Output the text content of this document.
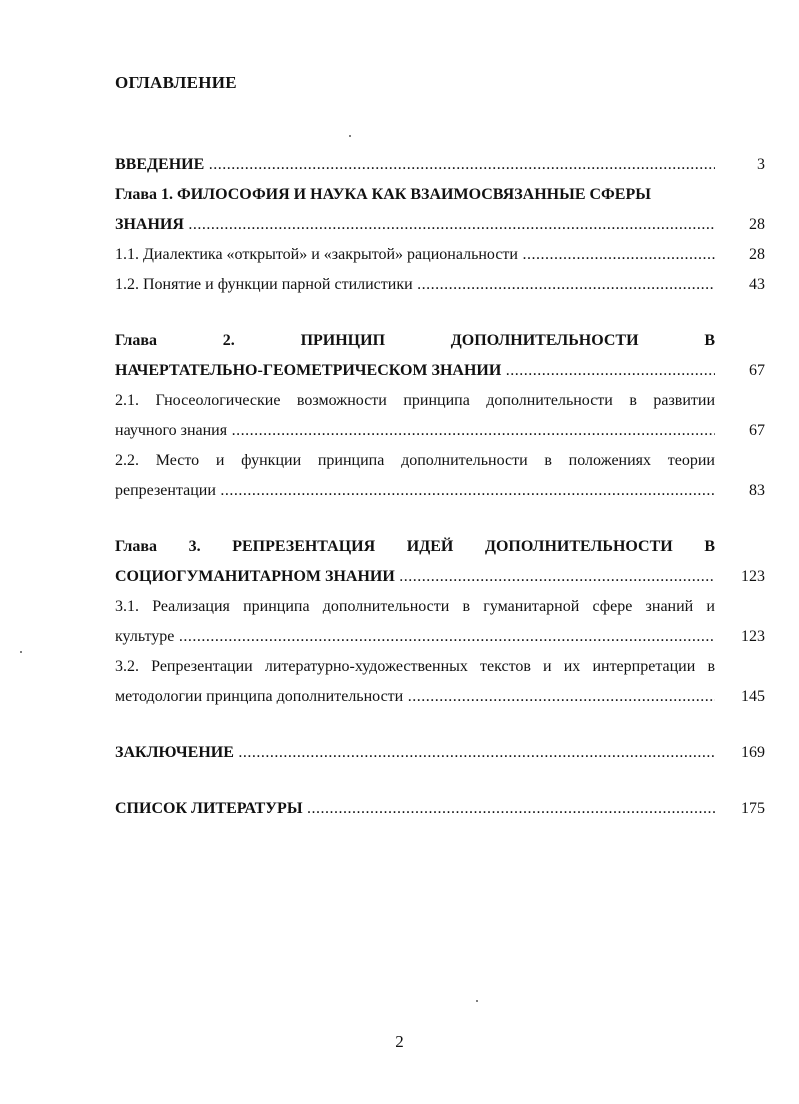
ОГЛАВЛЕНИЕ
ВВЕДЕНИЕ .....	3
Глава 1. ФИЛОСОФИЯ И НАУКА КАК ВЗАИМОСВЯЗАННЫЕ СФЕРЫ
ЗНАНИЯ .....	28
1.1. Диалектика «открытой» и «закрытой» рациональности .....	28
1.2. Понятие и функции парной стилистики .....	43
Глава 2. ПРИНЦИП ДОПОЛНИТЕЛЬНОСТИ В
НАЧЕРТАТЕЛЬНО-ГЕОМЕТРИЧЕСКОМ ЗНАНИИ .....	67
2.1. Гносеологические возможности принципа дополнительности в развитии
научного знания .....	67
2.2. Место и функции принципа дополнительности в положениях теории
репрезентации .....	83
Глава 3. РЕПРЕЗЕНТАЦИЯ ИДЕЙ ДОПОЛНИТЕЛЬНОСТИ В
СОЦИОГУМАНИТАРНОМ ЗНАНИИ .....	123
3.1. Реализация принципа дополнительности в гуманитарной сфере знаний и
культуре .....	123
3.2. Репрезентации литературно-художественных текстов и их интерпретации в
методологии принципа дополнительности .....	145
ЗАКЛЮЧЕНИЕ .....	169
СПИСОК ЛИТЕРАТУРЫ .....	175
2
